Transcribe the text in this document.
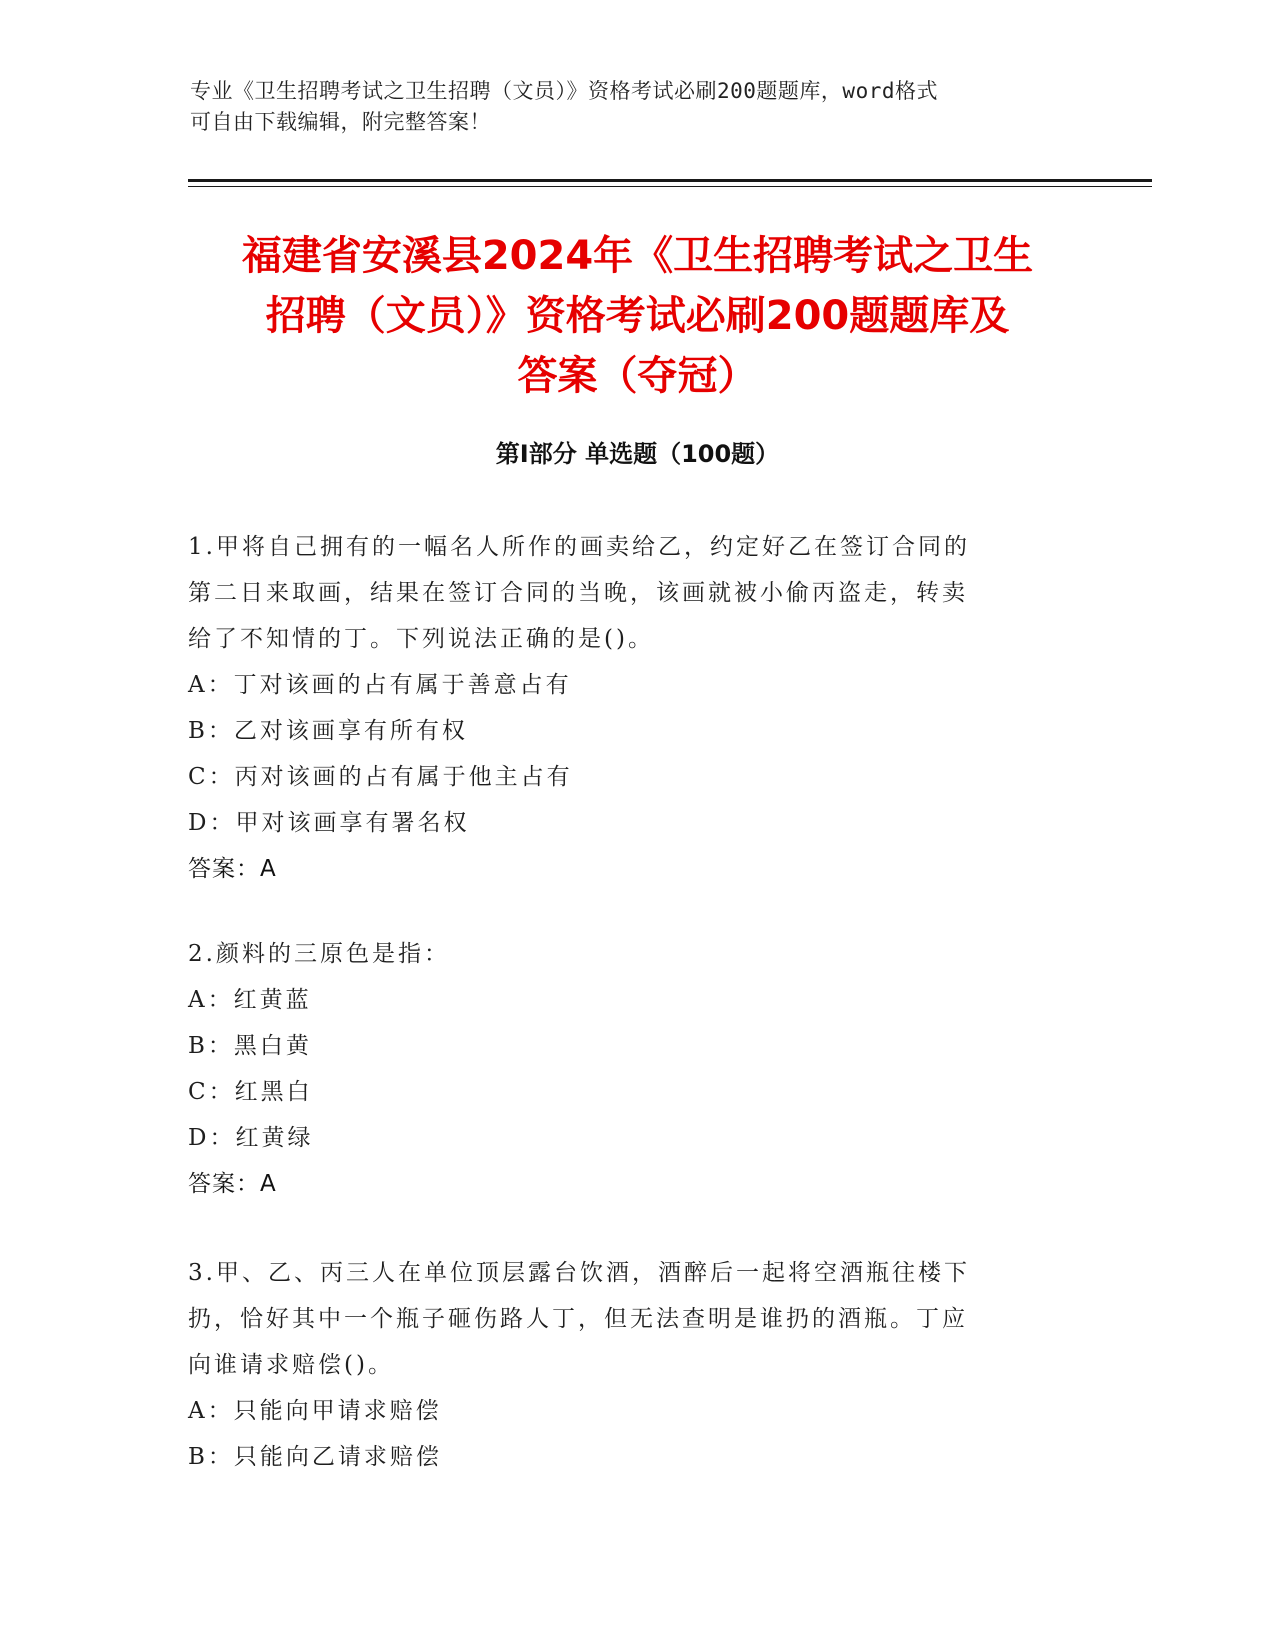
专业《卫生招聘考试之卫生招聘（文员）》资格考试必刷200题题库，word格式
可自由下载编辑，附完整答案！
福建省安溪县2024年《卫生招聘考试之卫生
招聘（文员）》资格考试必刷200题题库及
答案（夺冠）
第Ⅰ部分 单选题（100题）
1.甲将自己拥有的一幅名人所作的画卖给乙，约定好乙在签订合同的
第二日来取画，结果在签订合同的当晚，该画就被小偷丙盗走，转卖
给了不知情的丁。下列说法正确的是()。
A：丁对该画的占有属于善意占有
B：乙对该画享有所有权
C：丙对该画的占有属于他主占有
D：甲对该画享有署名权
答案：A
2.颜料的三原色是指：
A：红黄蓝
B：黑白黄
C：红黑白
D：红黄绿
答案：A
3.甲、乙、丙三人在单位顶层露台饮酒，酒醉后一起将空酒瓶往楼下
扔，恰好其中一个瓶子砸伤路人丁，但无法查明是谁扔的酒瓶。丁应
向谁请求赔偿()。
A：只能向甲请求赔偿
B：只能向乙请求赔偿
